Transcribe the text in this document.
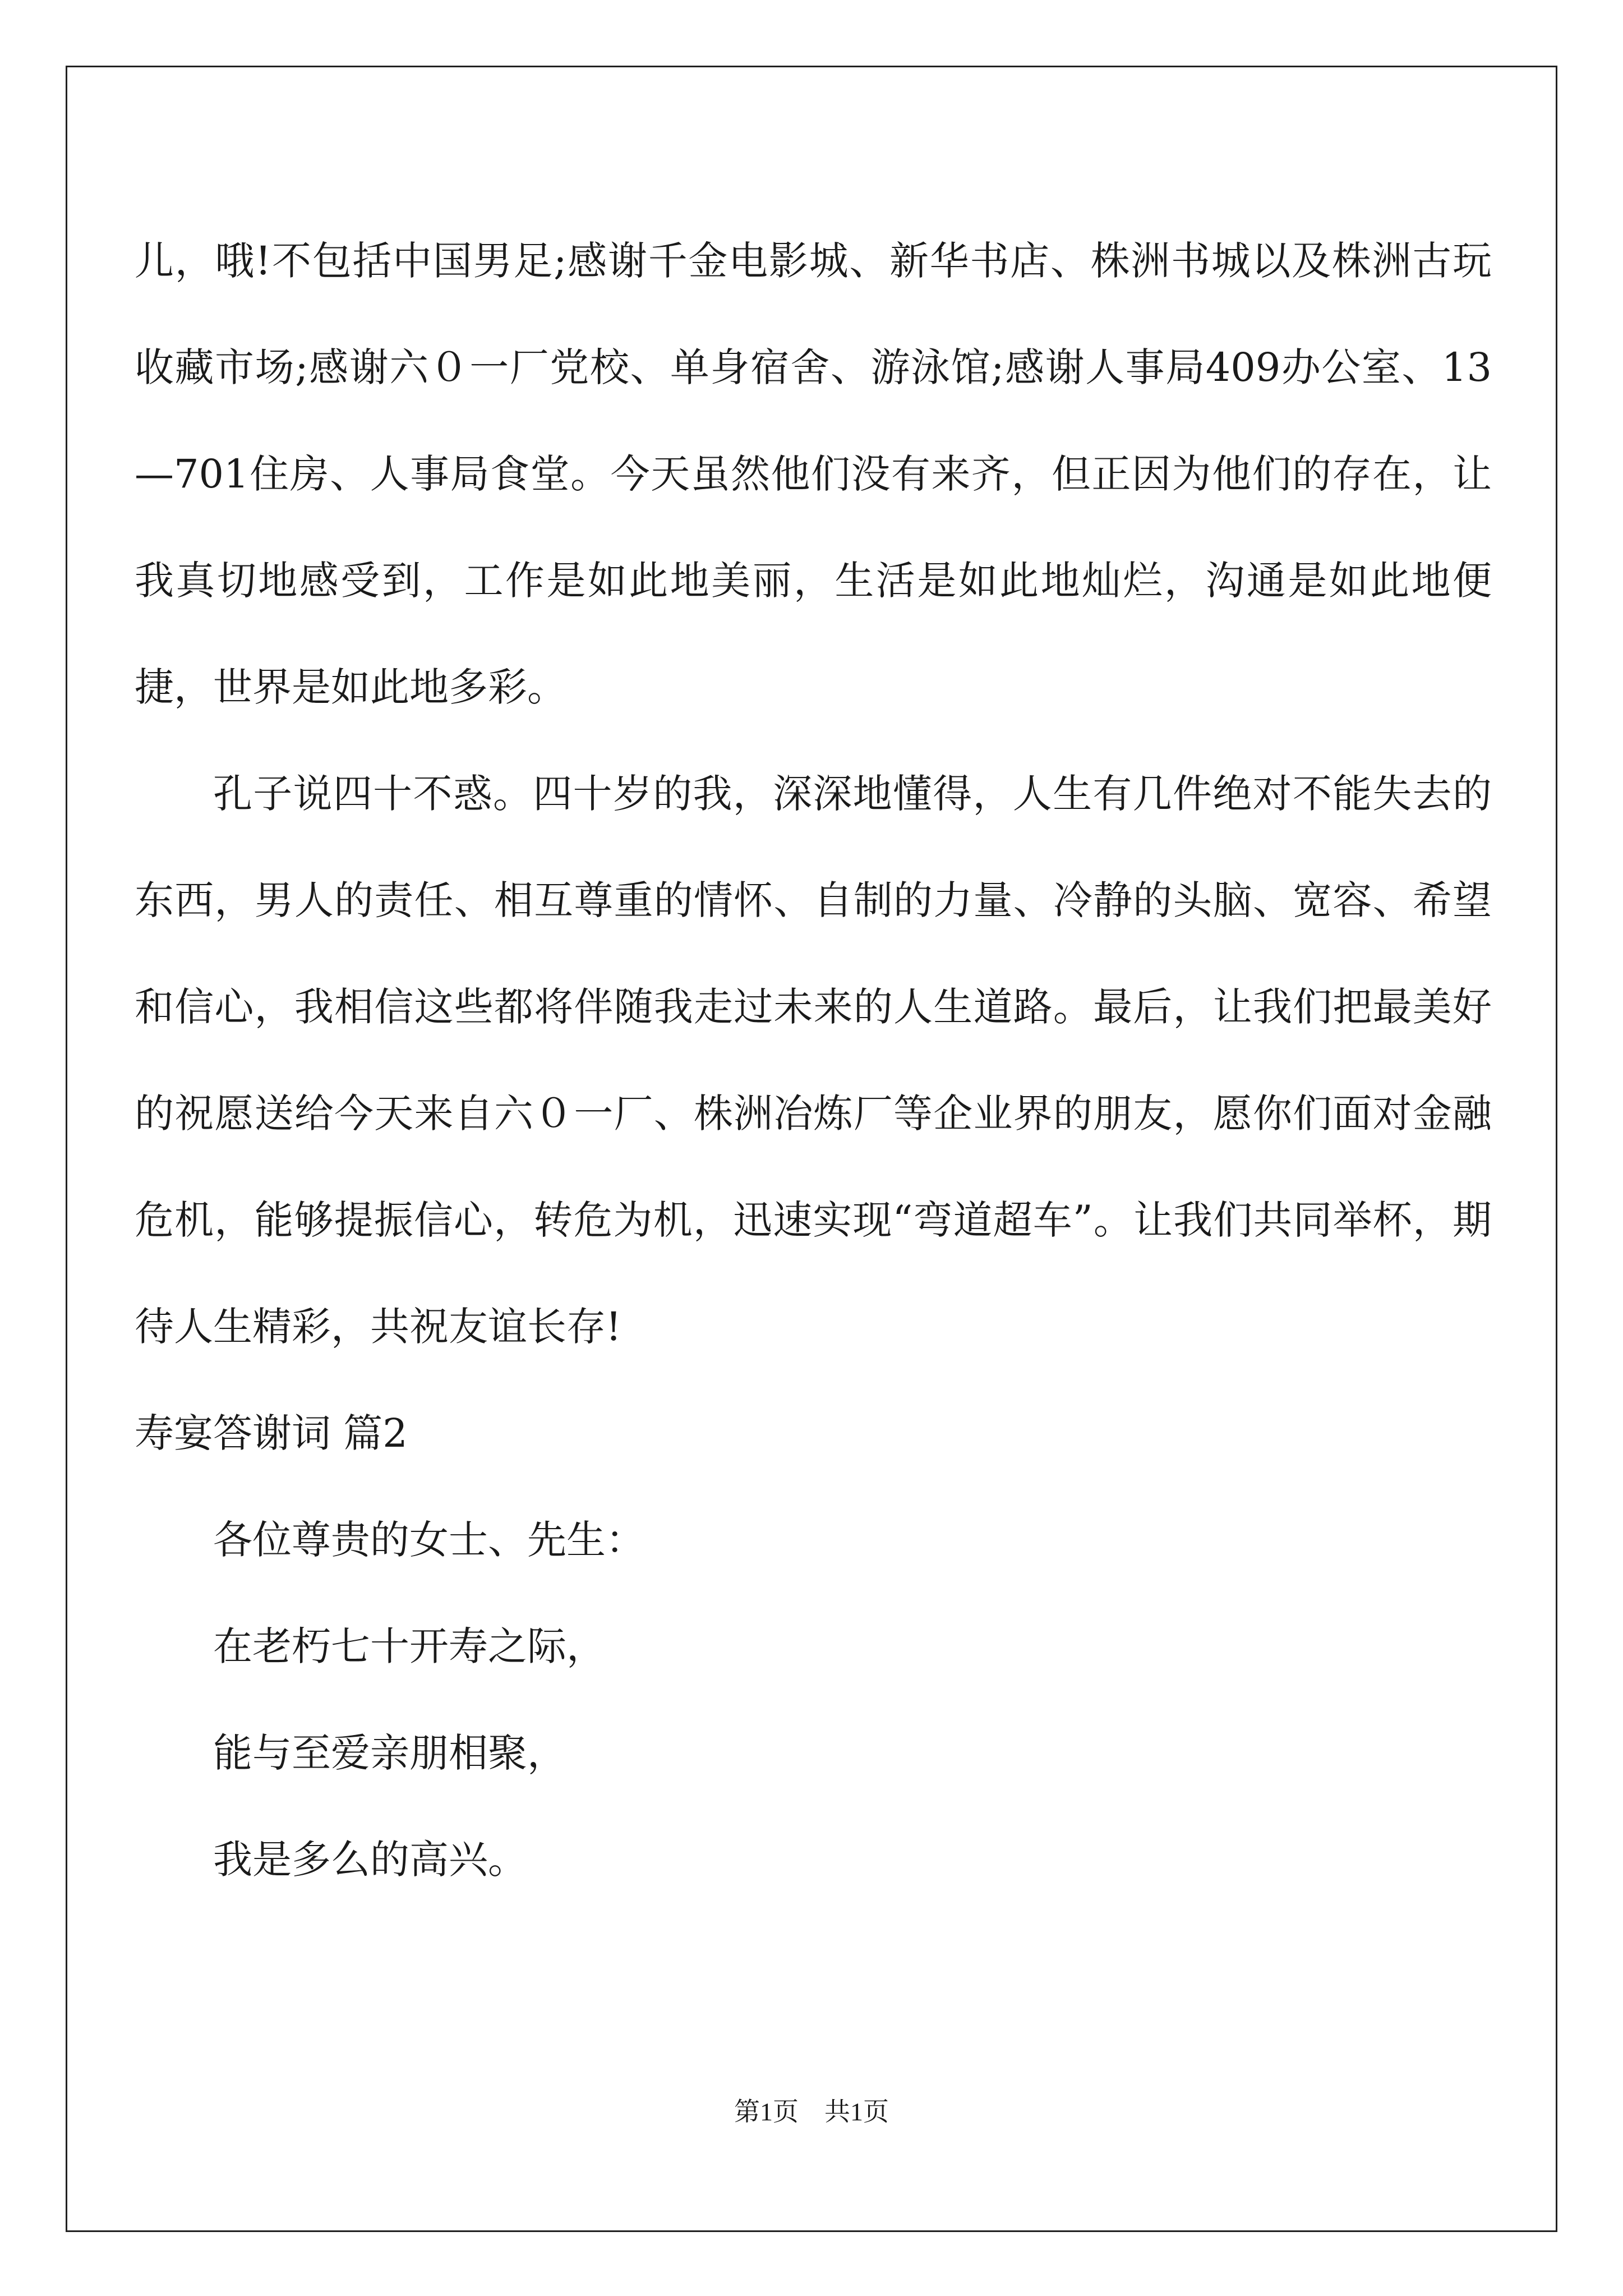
儿，哦!不包括中国男足;感谢千金电影城、新华书店、株洲书城以及株洲古玩收藏市场;感谢六０一厂党校、单身宿舍、游泳馆;感谢人事局409办公室、13—701住房、人事局食堂。今天虽然他们没有来齐，但正因为他们的存在，让我真切地感受到，工作是如此地美丽，生活是如此地灿烂，沟通是如此地便捷，世界是如此地多彩。

孔子说四十不惑。四十岁的我，深深地懂得，人生有几件绝对不能失去的东西，男人的责任、相互尊重的情怀、自制的力量、冷静的头脑、宽容、希望和信心，我相信这些都将伴随我走过未来的人生道路。最后，让我们把最美好的祝愿送给今天来自六０一厂、株洲冶炼厂等企业界的朋友，愿你们面对金融危机，能够提振信心，转危为机，迅速实现“弯道超车”。让我们共同举杯，期待人生精彩，共祝友谊长存!

寿宴答谢词 篇2

各位尊贵的女士、先生：

在老朽七十开寿之际，

能与至爱亲朋相聚，

我是多么的高兴。

第1页　共1页
